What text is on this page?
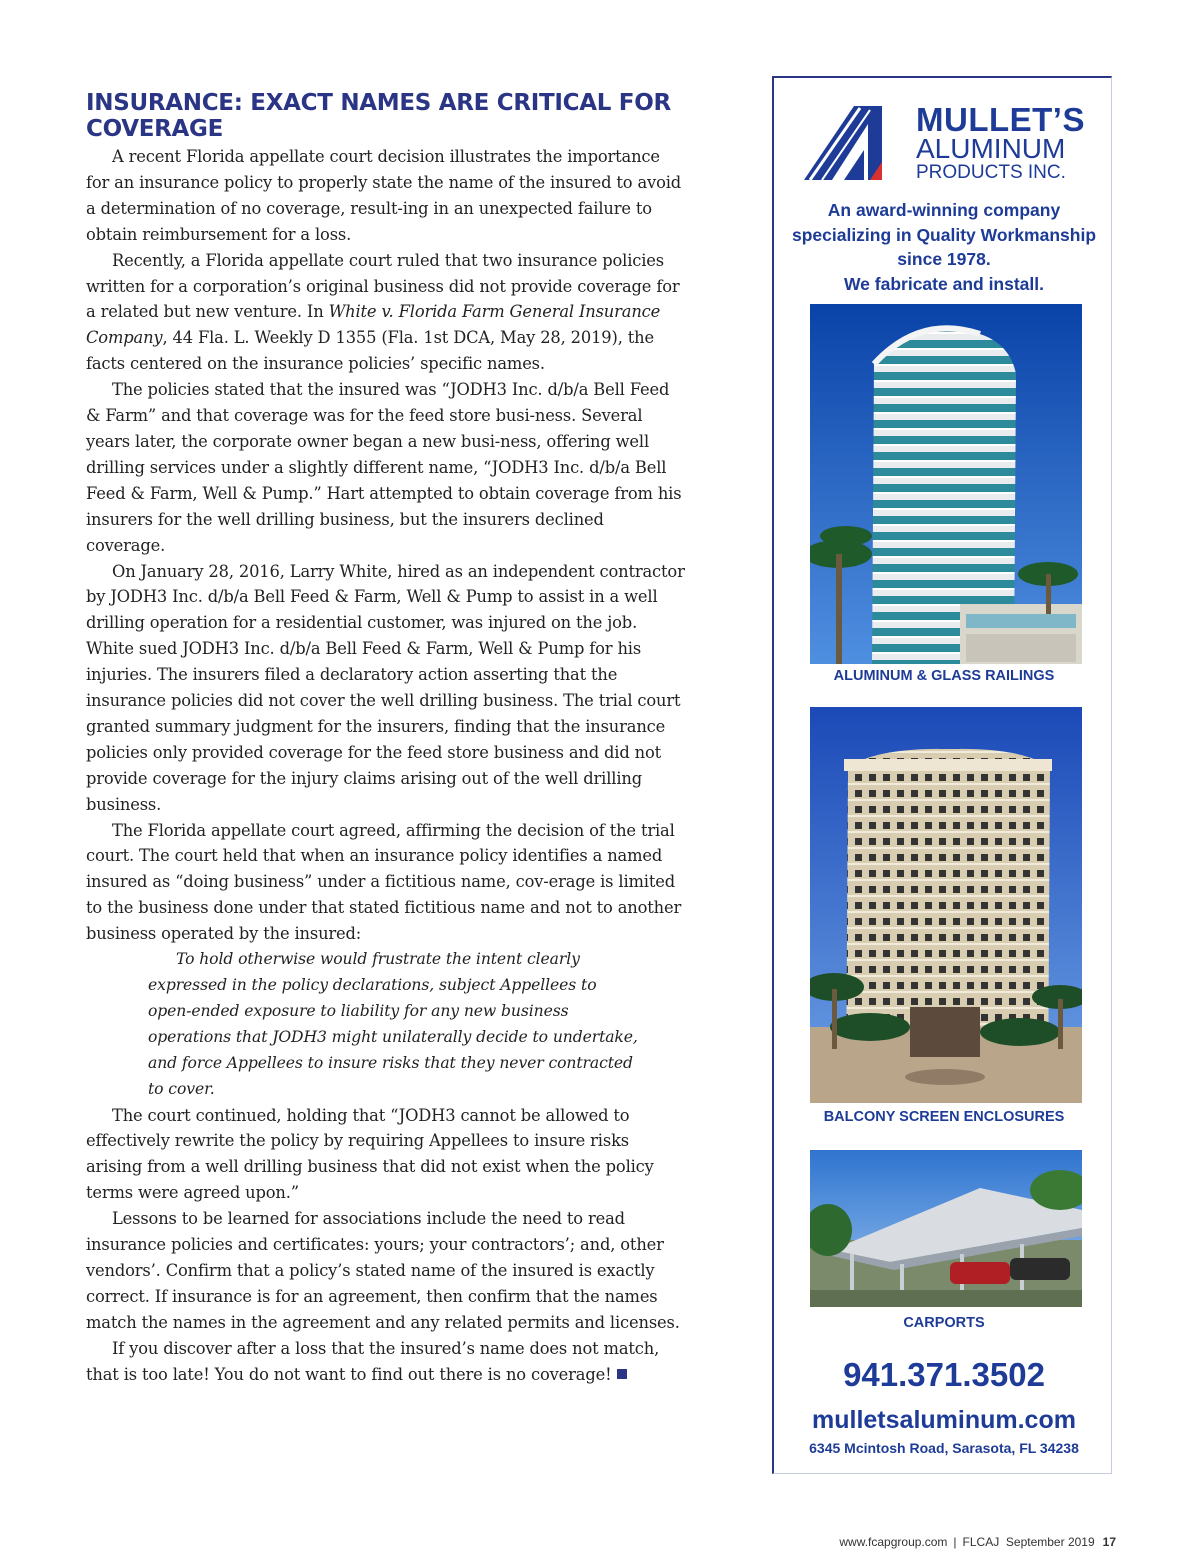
INSURANCE: EXACT NAMES ARE CRITICAL FOR COVERAGE

A recent Florida appellate court decision illustrates the importance for an insurance policy to properly state the name of the insured to avoid a determination of no coverage, result-ing in an unexpected failure to obtain reimbursement for a loss.

Recently, a Florida appellate court ruled that two insurance policies written for a corporation’s original business did not provide coverage for a related but new venture. In White v. Florida Farm General Insurance Company, 44 Fla. L. Weekly D 1355 (Fla. 1st DCA, May 28, 2019), the facts centered on the insurance policies’ specific names.

The policies stated that the insured was “JODH3 Inc. d/b/a Bell Feed & Farm” and that coverage was for the feed store busi-ness. Several years later, the corporate owner began a new busi-ness, offering well drilling services under a slightly different name, “JODH3 Inc. d/b/a Bell Feed & Farm, Well & Pump.” Hart attempted to obtain coverage from his insurers for the well drilling business, but the insurers declined coverage.

On January 28, 2016, Larry White, hired as an independent contractor by JODH3 Inc. d/b/a Bell Feed & Farm, Well & Pump to assist in a well drilling operation for a residential customer, was injured on the job. White sued JODH3 Inc. d/b/a Bell Feed & Farm, Well & Pump for his injuries. The insurers filed a declaratory action asserting that the insurance policies did not cover the well drilling business. The trial court granted summary judgment for the insurers, finding that the insurance policies only provided coverage for the feed store business and did not provide coverage for the injury claims arising out of the well drilling business.

The Florida appellate court agreed, affirming the decision of the trial court. The court held that when an insurance policy identifies a named insured as “doing business” under a fictitious name, cov-erage is limited to the business done under that stated fictitious name and not to another business operated by the insured:

To hold otherwise would frustrate the intent clearly expressed in the policy declarations, subject Appellees to open-ended exposure to liability for any new business operations that JODH3 might unilaterally decide to undertake, and force Appellees to insure risks that they never contracted to cover.

The court continued, holding that “JODH3 cannot be allowed to effectively rewrite the policy by requiring Appellees to insure risks arising from a well drilling business that did not exist when the policy terms were agreed upon.”

Lessons to be learned for associations include the need to read insurance policies and certificates: yours; your contractors’; and, other vendors’. Confirm that a policy’s stated name of the insured is exactly correct. If insurance is for an agreement, then confirm that the names match the names in the agreement and any related permits and licenses.

If you discover after a loss that the insured’s name does not match, that is too late! You do not want to find out there is no coverage!

MULLET’S
ALUMINUM
PRODUCTS INC.
An award-winning company
specializing in Quality Workmanship
since 1978.
We fabricate and install.
ALUMINUM & GLASS RAILINGS
BALCONY SCREEN ENCLOSURES
CARPORTS
941.371.3502
mulletsaluminum.com
6345 Mcintosh Road, Sarasota, FL 34238
www.fcapgroup.com | FLCAJ September 2019 17
